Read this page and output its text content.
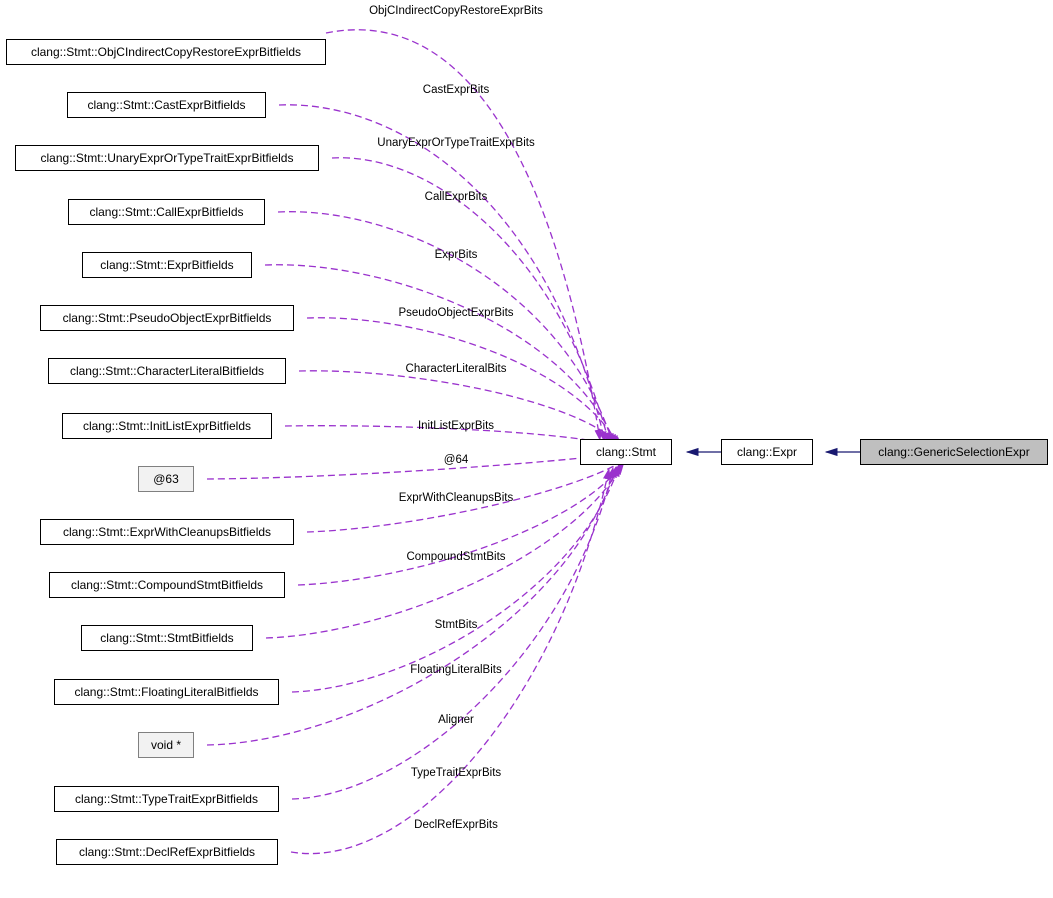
clang::Stmt::ObjCIndirectCopyRestoreExprBitfields
clang::Stmt::CastExprBitfields
clang::Stmt::UnaryExprOrTypeTraitExprBitfields
clang::Stmt::CallExprBitfields
clang::Stmt::ExprBitfields
clang::Stmt::PseudoObjectExprBitfields
clang::Stmt::CharacterLiteralBitfields
clang::Stmt::InitListExprBitfields
@63
clang::Stmt::ExprWithCleanupsBitfields
clang::Stmt::CompoundStmtBitfields
clang::Stmt::StmtBitfields
clang::Stmt::FloatingLiteralBitfields
void *
clang::Stmt::TypeTraitExprBitfields
clang::Stmt::DeclRefExprBitfields
clang::Stmt	clang::Expr	clang::GenericSelectionExpr
ObjCIndirectCopyRestoreExprBits
CastExprBits
UnaryExprOrTypeTraitExprBits
CallExprBits
ExprBits
PseudoObjectExprBits
CharacterLiteralBits
InitListExprBits
@64
ExprWithCleanupsBits
CompoundStmtBits
StmtBits
FloatingLiteralBits
Aligner
TypeTraitExprBits
DeclRefExprBits
